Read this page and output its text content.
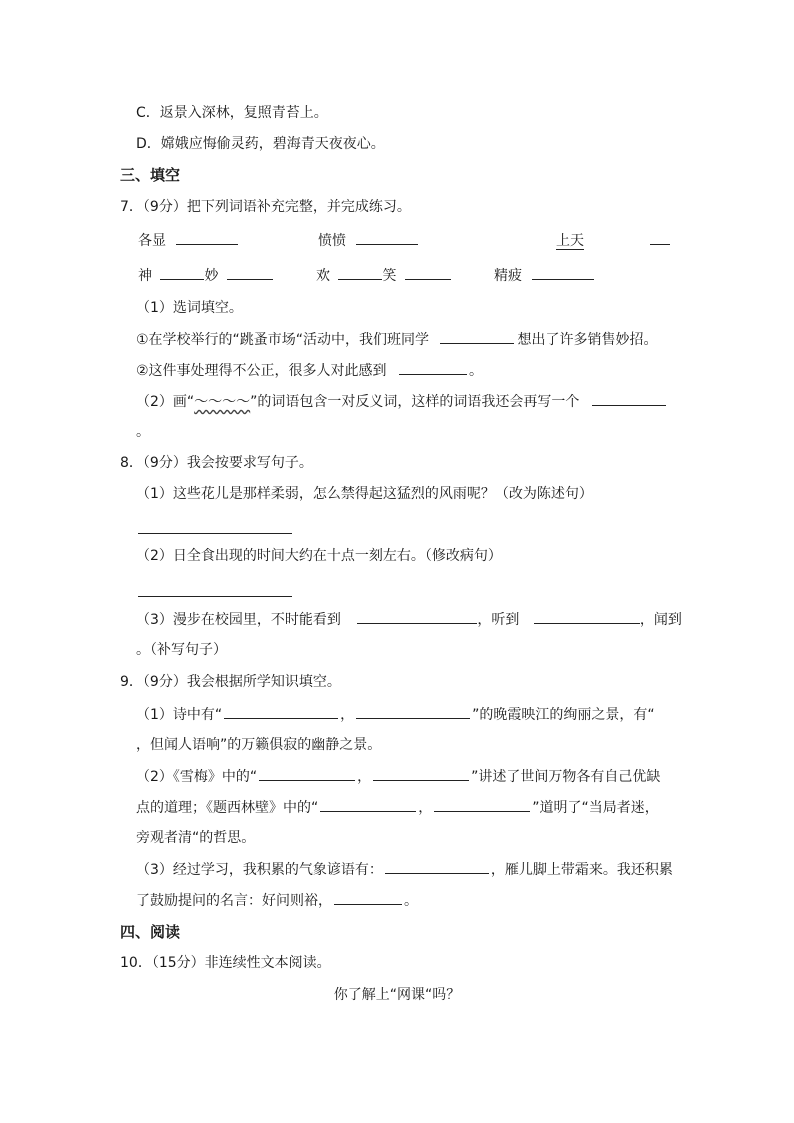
C．返景入深林，复照青苔上。
D．嫦娥应悔偷灵药，碧海青天夜夜心。
三、填空
7．（9分）把下列词语补充完整，并完成练习。
各显	愤愤	上天
神	妙	欢	笑	精疲
（1）选词填空。
①在学校举行的“跳蚤市场“活动中，我们班同学	想出了许多销售妙招。
②这件事处理得不公正，很多人对此感到	。
（2）画“～～～～”的词语包含一对反义词，这样的词语我还会再写一个
。
8．（9分）我会按要求写句子。
（1）这些花儿是那样柔弱，怎么禁得起这猛烈的风雨呢？（改为陈述句）
（2）日全食出现的时间大约在十点一刻左右。（修改病句）
（3）漫步在校园里，不时能看到	，听到	，闻到
。（补写句子）
9．（9分）我会根据所学知识填空。
（1）诗中有“	，	”的晚霞映江的绚丽之景，有“
，但闻人语响”的万籁俱寂的幽静之景。
（2）《雪梅》中的“	，	”讲述了世间万物各有自己优缺
点的道理；《题西林壁》中的“	，	”道明了“当局者迷，
旁观者清“的哲思。
（3）经过学习，我积累的气象谚语有：	，雁儿脚上带霜来。我还积累
了鼓励提问的名言：好问则裕，	。
四、阅读
10．（15分）非连续性文本阅读。
你了解上“网课“吗？
